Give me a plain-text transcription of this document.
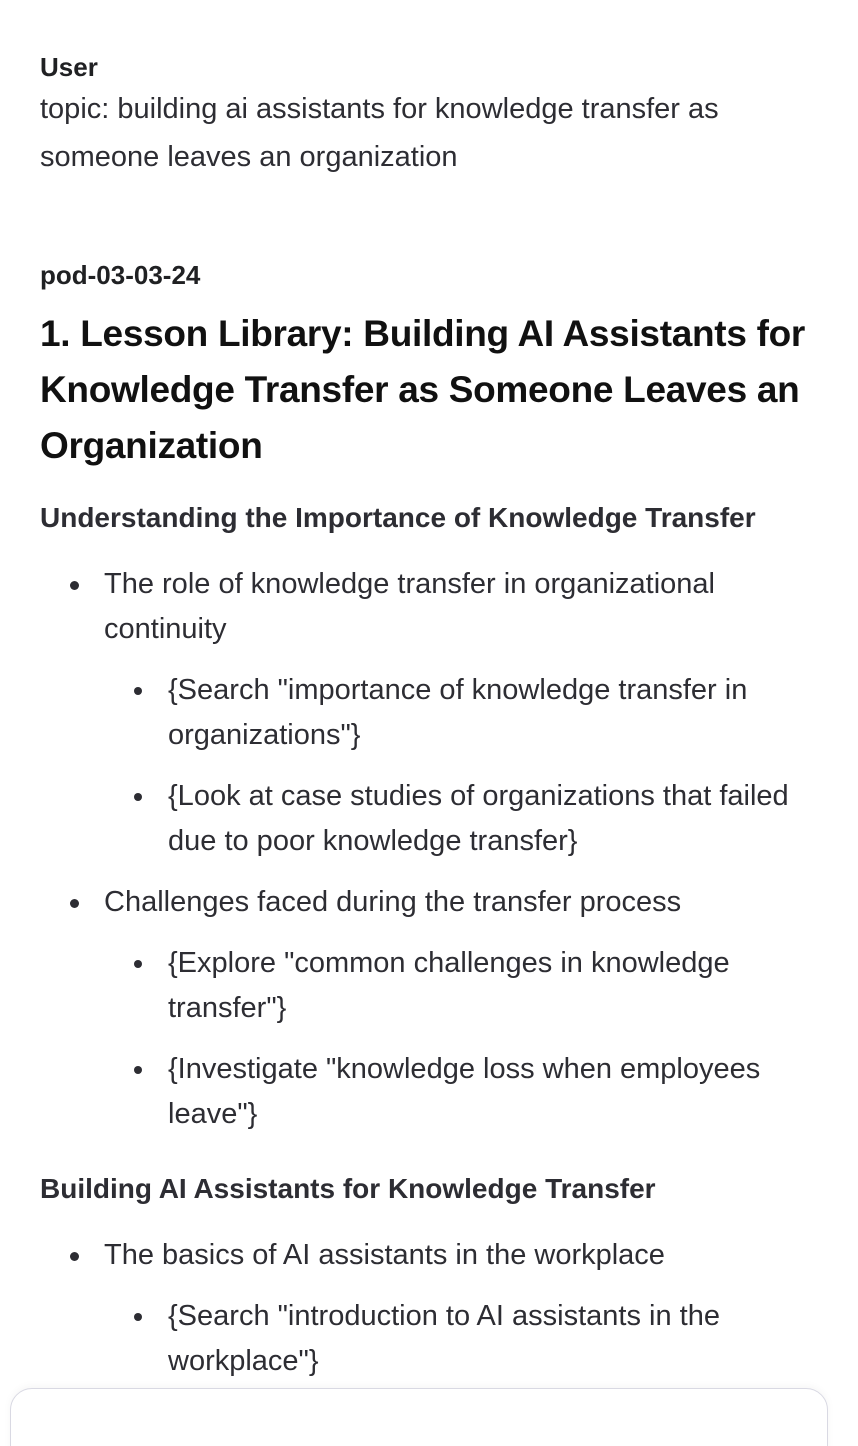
User
topic: building ai assistants for knowledge transfer as someone leaves an organization
pod-03-03-24
1. Lesson Library: Building AI Assistants for Knowledge Transfer as Someone Leaves an Organization
Understanding the Importance of Knowledge Transfer
The role of knowledge transfer in organizational continuity
{Search "importance of knowledge transfer in organizations"}
{Look at case studies of organizations that failed due to poor knowledge transfer}
Challenges faced during the transfer process
{Explore "common challenges in knowledge transfer"}
{Investigate "knowledge loss when employees leave"}
Building AI Assistants for Knowledge Transfer
The basics of AI assistants in the workplace
{Search "introduction to AI assistants in the workplace"}
